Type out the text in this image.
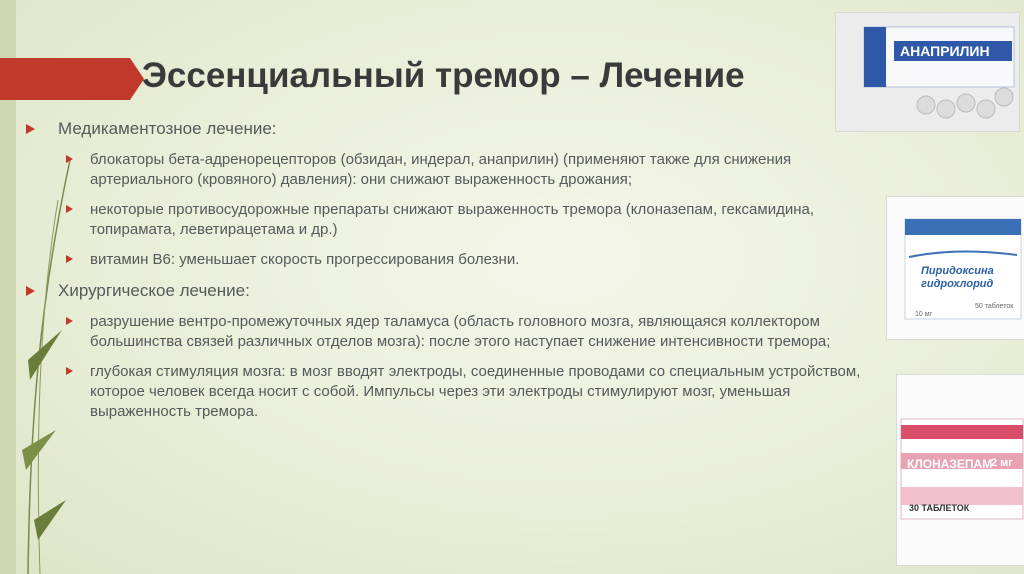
Эссенциальный тремор – Лечение
Медикаментозное лечение:
блокаторы бета-адренорецепторов (обзидан, индерал, анаприлин) (применяют также для снижения артериального (кровяного) давления): они снижают выраженность дрожания;
некоторые противосудорожные препараты снижают выраженность тремора (клоназепам, гексамидина, топирамата, леветирацетама и др.)
витамин В6: уменьшает скорость прогрессирования болезни.
Хирургическое лечение:
разрушение вентро-промежуточных ядер таламуса (область головного мозга, являющаяся коллектором большинства связей различных отделов мозга): после этого наступает снижение интенсивности тремора;
глубокая стимуляция мозга: в мозг вводят электроды, соединенные проводами со специальным устройством, которое человек всегда носит с собой. Импульсы через эти электроды стимулируют мозг, уменьшая выраженность тремора.
АНАПРИЛИН
Пиридоксина
гидрохлорид
10 мг
50 таблеток
КЛОНАЗЕПАМ
2 мг
30 ТАБЛЕТОК
